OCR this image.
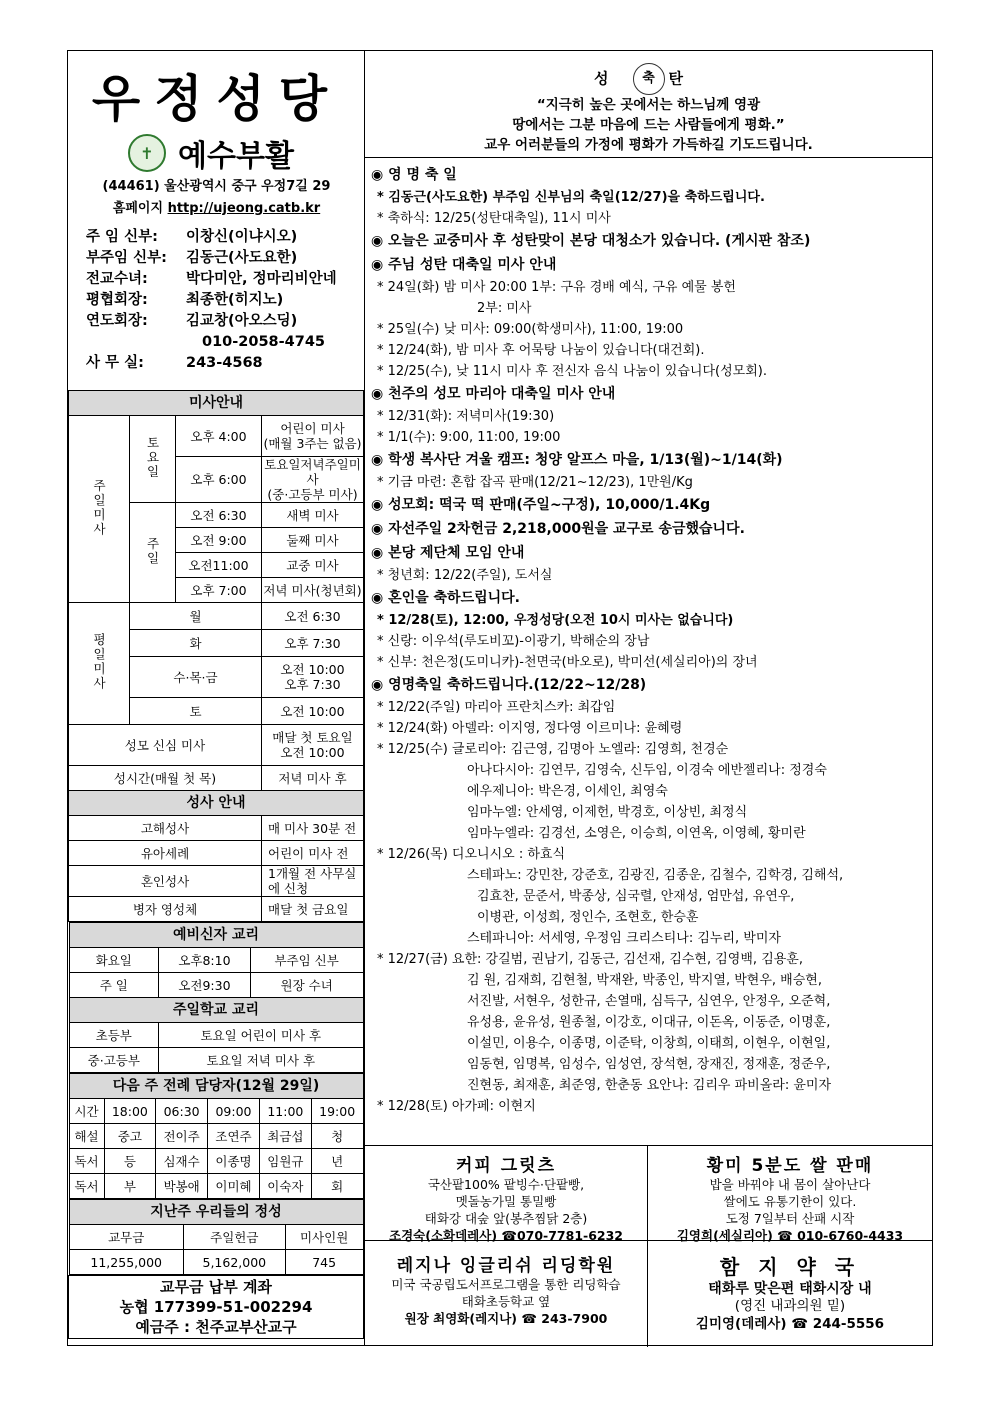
우정성당
✝ 예수부활
(44461) 울산광역시 중구 우정7길 29
홈페이지 http://ujeong.catb.kr
주 임 신부: 이창신(이냐시오)
부주임 신부: 김동근(사도요한)
전교수녀:	박다미안, 정마리비안네
평협회장:	최종한(히지노)
연도회장:	김교창(아오스딩)
010-2058-4745
사 무 실:	243-4568
미사안내
주일미사	토요일	오후 4:00	어린이 미사
(매월 3주는 없음)
오후 6:00	토요일저녁주일미사
(중·고등부 미사)
주일	오전 6:30	새벽 미사
오전 9:00	둘째 미사
오전11:00	교중 미사
오후 7:00	저녁 미사(청년회)
평일미사	월	오전 6:30
화	오후 7:30
수·목·금	오전 10:00
오후 7:30
토	오전 10:00
성모 신심 미사	매달 첫 토요일
오전 10:00
성시간(매월 첫 목)	저녁 미사 후
성사 안내
고해성사	매 미사 30분 전
유아세례	어린이 미사 전
혼인성사	1개월 전 사무실에 신청
병자 영성체	매달 첫 금요일

예비신자 교리
화요일	오후8:10	부주임 신부
주 일	오전9:30	원장 수녀
주일학교 교리
초등부	토요일 어린이 미사 후
중·고등부	토요일 저녁 미사 후

다음 주 전례 담당자(12월 29일)
시간	18:00	06:30	09:00	11:00	19:00
해설	중고	전이주	조연주	최금섭	청
독서	등	심재수	이종명	임원규	년
독서	부	박봉애	이미혜	이숙자	회

지난주 우리들의 정성
교무금	주일헌금	미사인원
11,255,000	5,162,000	745

교무금 납부 계좌
농협 177399-51-002294
예금주 : 천주교부산교구
성 축 탄
“지극히 높은 곳에서는 하느님께 영광
땅에서는 그분 마음에 드는 사람들에게 평화.”
교우 어러분들의 가정에 평화가 가득하길 기도드립니다.
◉ 영 명 축 일
* 김동근(사도요한) 부주임 신부님의 축일(12/27)을 축하드립니다.
* 축하식: 12/25(성탄대축일), 11시 미사
◉ 오늘은 교중미사 후 성탄맞이 본당 대청소가 있습니다. (게시판 참조)
◉ 주님 성탄 대축일 미사 안내
* 24일(화) 밤 미사 20:00 1부: 구유 경배 예식, 구유 예물 봉헌
2부: 미사
* 25일(수) 낮 미사: 09:00(학생미사), 11:00, 19:00
* 12/24(화), 밤 미사 후 어묵탕 나눔이 있습니다(대건회).
* 12/25(수), 낮 11시 미사 후 전신자 음식 나눔이 있습니다(성모회).
◉ 천주의 성모 마리아 대축일 미사 안내
* 12/31(화): 저녁미사(19:30)
* 1/1(수): 9:00, 11:00, 19:00
◉ 학생 복사단 겨울 캠프: 청양 알프스 마을, 1/13(월)~1/14(화)
* 기금 마련: 혼합 잡곡 판매(12/21~12/23), 1만원/Kg
◉ 성모회: 떡국 떡 판매(주일~구정), 10,000/1.4Kg
◉ 자선주일 2차헌금 2,218,000원을 교구로 송금했습니다.
◉ 본당 제단체 모임 안내
* 청년회: 12/22(주일), 도서실
◉ 혼인을 축하드립니다.
* 12/28(토), 12:00, 우정성당(오전 10시 미사는 없습니다)
* 신랑: 이우석(루도비꼬)-이광기, 박해순의 장남
* 신부: 천은정(도미니카)-천면국(바오로), 박미선(세실리아)의 장녀
◉ 영명축일 축하드립니다.(12/22~12/28)
* 12/22(주일) 마리아 프란치스카: 최갑임
* 12/24(화) 아델라: 이지영, 정다영 이르미나: 윤혜령
* 12/25(수) 글로리아: 김근영, 김명아 노엘라: 김영희, 천경순
아나다시아: 김연무, 김영숙, 신두임, 이경숙 에반젤리나: 정경숙
에우제니아: 박은경, 이세인, 최영숙
임마누엘: 안세영, 이제헌, 박경호, 이상빈, 최정식
임마누엘라: 김경선, 소영은, 이승희, 이연옥, 이영혜, 황미란
* 12/26(목) 디오니시오 : 하효식
스테파노: 강민찬, 강준호, 김광진, 김종운, 김철수, 김학경, 김해석,
김효찬, 문준서, 박종상, 심국렬, 안재성, 엄만섭, 유연우,
이병관, 이성희, 정인수, 조현호, 한승훈
스테파니아: 서세영, 우정임 크리스티나: 김누리, 박미자
* 12/27(금) 요한: 강길범, 권남기, 김동근, 김선재, 김수현, 김영백, 김용훈,
김 원, 김재희, 김현철, 박재완, 박종인, 박지열, 박현우, 배승현,
서진발, 서현우, 성한규, 손열매, 심득구, 심연우, 안정우, 오준혁,
유성용, 윤유성, 원종철, 이강호, 이대규, 이돈옥, 이동준, 이명훈,
이설민, 이용수, 이종명, 이준탁, 이창희, 이태희, 이현우, 이현일,
임동현, 임명복, 임성수, 임성연, 장석현, 장재진, 정재훈, 정준우,
진현동, 최재훈, 최준영, 한춘동 요안나: 김리우 파비올라: 윤미자
* 12/28(토) 아가페: 이현지
커피 그릿츠
국산팥100% 팥빙수·단팥빵,
멧돌농가밀 통밀빵
태화강 대숲 앞(봉추찜닭 2층)
조경숙(소화데레사) ☎070-7781-6232
황미 5분도 쌀 판매
밥을 바꿔야 내 몸이 살아난다
쌀에도 유통기한이 있다.
도정 7일부터 산패 시작
김영희(세실리아) ☎ 010-6760-4433
레지나 잉글리쉬 리딩학원
미국 국공립도서프로그램을 통한 리딩학습
태화초등학교 옆
원장 최영화(레지나) ☎ 243-7900
함 지 약 국
태화루 맞은편 태화시장 내
(영진 내과의원 밑)
김미영(데레사) ☎ 244-5556
